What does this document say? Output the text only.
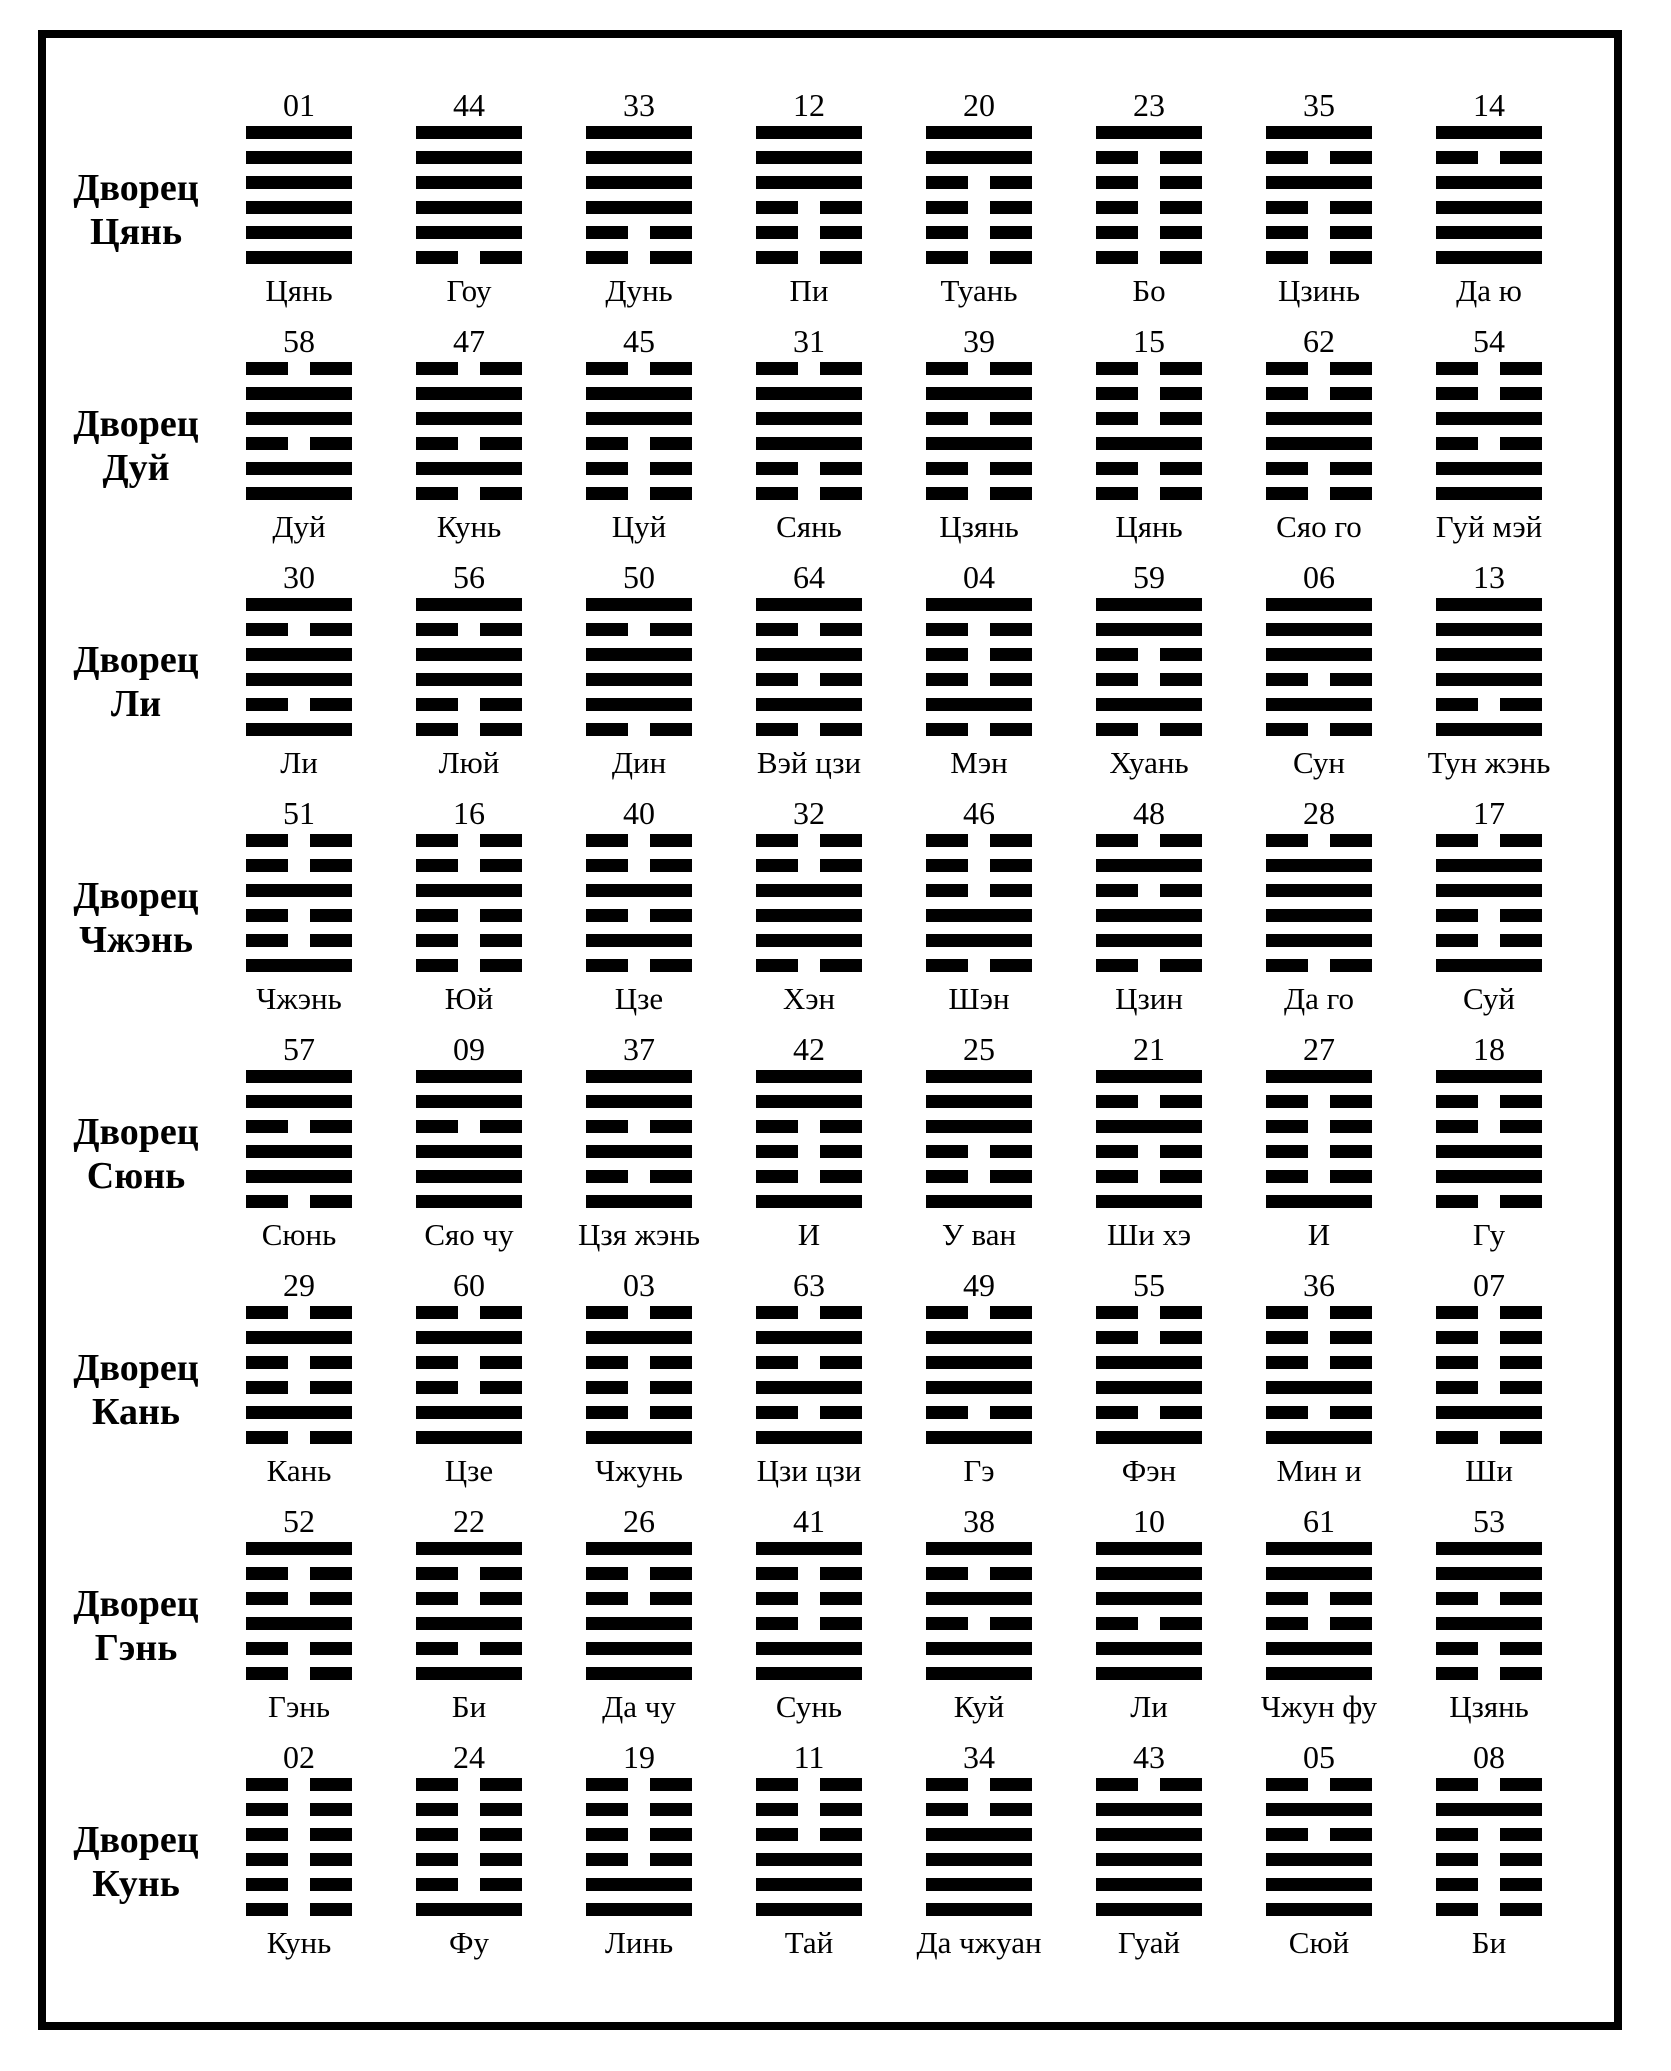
Дворец
Цянь
01
Цянь
44
Гоу
33
Дунь
12
Пи
20
Туань
23
Бо
35
Цзинь
14
Да ю
Дворец
Дуй
58
Дуй
47
Кунь
45
Цуй
31
Сянь
39
Цзянь
15
Цянь
62
Сяо го
54
Гуй мэй
Дворец
Ли
30
Ли
56
Люй
50
Дин
64
Вэй цзи
04
Мэн
59
Хуань
06
Сун
13
Тун жэнь
Дворец
Чжэнь
51
Чжэнь
16
Юй
40
Цзе
32
Хэн
46
Шэн
48
Цзин
28
Да го
17
Суй
Дворец
Сюнь
57
Сюнь
09
Сяо чу
37
Цзя жэнь
42
И
25
У ван
21
Ши хэ
27
И
18
Гу
Дворец
Кань
29
Кань
60
Цзе
03
Чжунь
63
Цзи цзи
49
Гэ
55
Фэн
36
Мин и
07
Ши
Дворец
Гэнь
52
Гэнь
22
Би
26
Да чу
41
Сунь
38
Куй
10
Ли
61
Чжун фу
53
Цзянь
Дворец
Кунь
02
Кунь
24
Фу
19
Линь
11
Тай
34
Да чжуан
43
Гуай
05
Сюй
08
Би
